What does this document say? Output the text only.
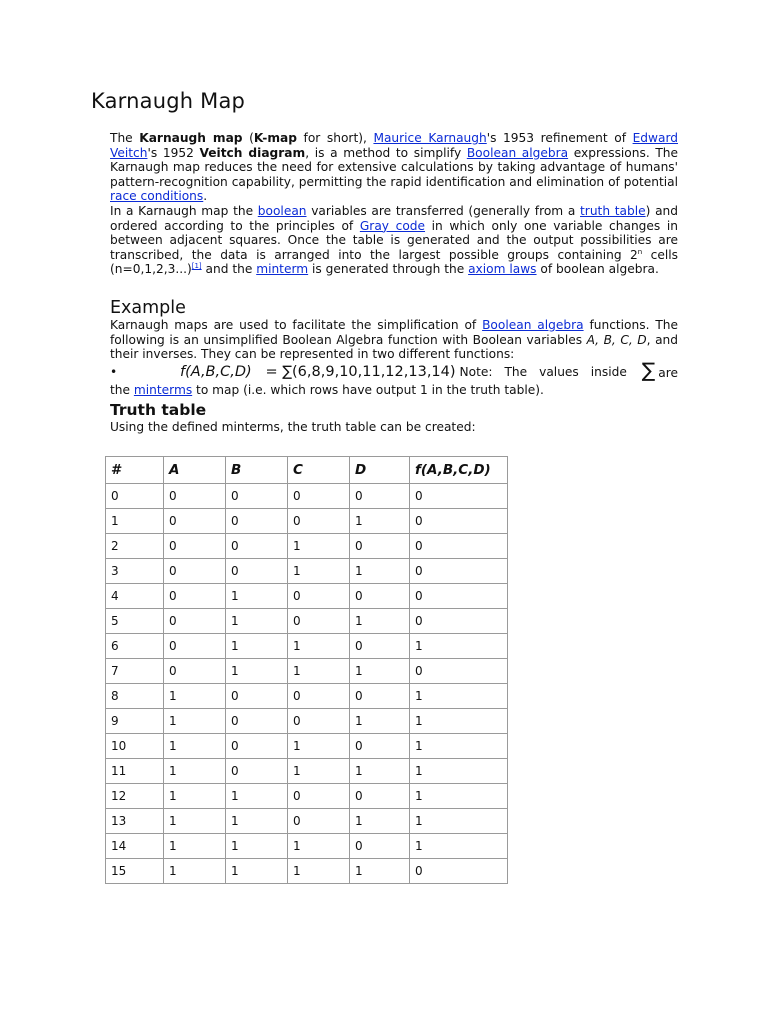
Karnaugh Map

The Karnaugh map (K-map for short), Maurice Karnaugh's 1953 refinement of Edward Veitch's 1952 Veitch diagram, is a method to simplify Boolean algebra expressions. The Karnaugh map reduces the need for extensive calculations by taking advantage of humans' pattern-recognition capability, permitting the rapid identification and elimination of potential race conditions.

In a Karnaugh map the boolean variables are transferred (generally from a truth table) and ordered according to the principles of Gray code in which only one variable changes in between adjacent squares. Once the table is generated and the output possibilities are transcribed, the data is arranged into the largest possible groups containing 2$^n$ cells (n=0,1,2,3...)[1] and the minterm is generated through the axiom laws of boolean algebra.

Example

Karnaugh maps are used to facilitate the simplification of Boolean algebra functions. The following is an unsimplified Boolean Algebra function with Boolean variables A, B, C, D, and their inverses. They can be represented in two different functions:

•	f(A,B,C,D) = ∑(6,8,9,10,11,12,13,14) Note: The values inside ∑ are

the minterms to map (i.e. which rows have output 1 in the truth table).

Truth table

Using the defined minterms, the truth table can be created:

#	A	B	C	D	f(A,B,C,D)
0	0	0	0	0	0
1	0	0	0	1	0
2	0	0	1	0	0
3	0	0	1	1	0
4	0	1	0	0	0
5	0	1	0	1	0
6	0	1	1	0	1
7	0	1	1	1	0
8	1	0	0	0	1
9	1	0	0	1	1
10	1	0	1	0	1
11	1	0	1	1	1
12	1	1	0	0	1
13	1	1	0	1	1
14	1	1	1	0	1
15	1	1	1	1	0
